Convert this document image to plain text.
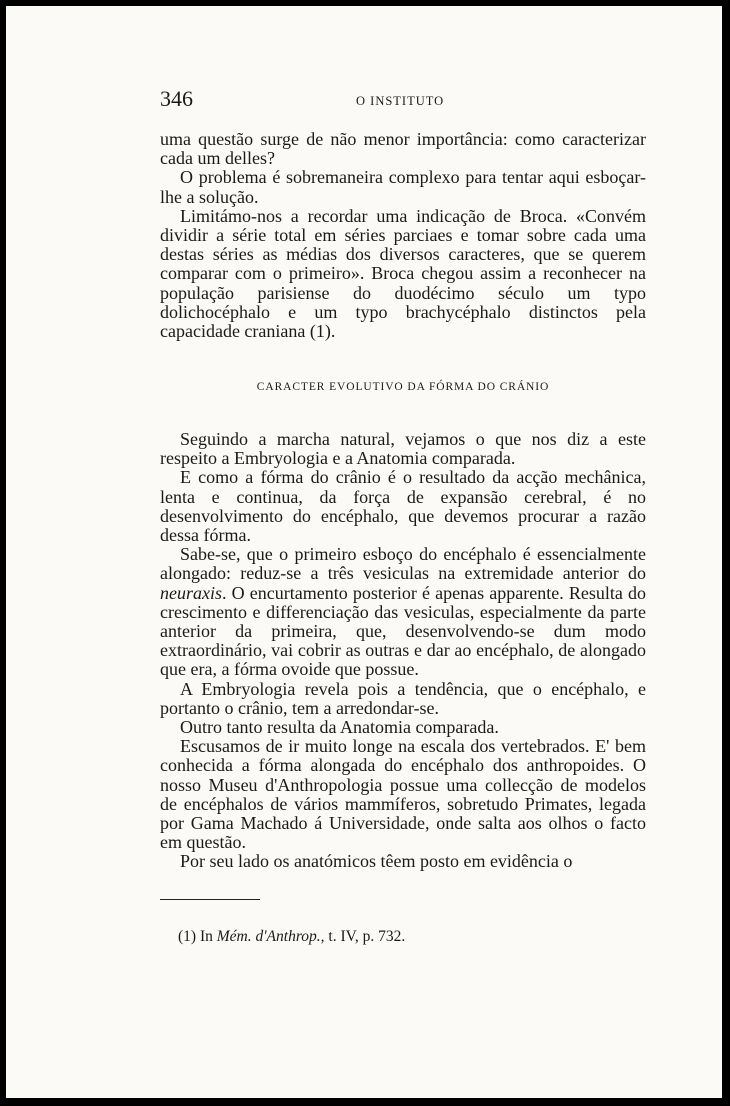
346	O INSTITUTO

uma questão surge de não menor importância: como caracterizar cada um delles?

O problema é sobremaneira complexo para tentar aqui esboçar-lhe a solução.

Limitámo-nos a recordar uma indicação de Broca. «Convém dividir a série total em séries parciaes e tomar sobre cada uma destas séries as médias dos diversos caracteres, que se querem comparar com o primeiro». Broca chegou assim a reconhecer na população parisiense do duodécimo século um typo dolichocéphalo e um typo brachycéphalo distinctos pela capacidade craniana (1).

CARACTER EVOLUTIVO DA FÓRMA DO CRÁNIO

Seguindo a marcha natural, vejamos o que nos diz a este respeito a Embryologia e a Anatomia comparada.

E como a fórma do crânio é o resultado da acção mechânica, lenta e continua, da força de expansão cerebral, é no desenvolvimento do encéphalo, que devemos procurar a razão dessa fórma.

Sabe-se, que o primeiro esboço do encéphalo é essencialmente alongado: reduz-se a três vesiculas na extremidade anterior do neuraxis. O encurtamento posterior é apenas apparente. Resulta do crescimento e differenciação das vesiculas, especialmente da parte anterior da primeira, que, desenvolvendo-se dum modo extraordinário, vai cobrir as outras e dar ao encéphalo, de alongado que era, a fórma ovoide que possue.

A Embryologia revela pois a tendência, que o encéphalo, e portanto o crânio, tem a arredondar-se.

Outro tanto resulta da Anatomia comparada.

Escusamos de ir muito longe na escala dos vertebrados. E' bem conhecida a fórma alongada do encéphalo dos anthropoides. O nosso Museu d'Anthropologia possue uma collecção de modelos de encéphalos de vários mammíferos, sobretudo Primates, legada por Gama Machado á Universidade, onde salta aos olhos o facto em questão.

Por seu lado os anatómicos têem posto em evidência o

(1) In Mém. d'Anthrop., t. IV, p. 732.
